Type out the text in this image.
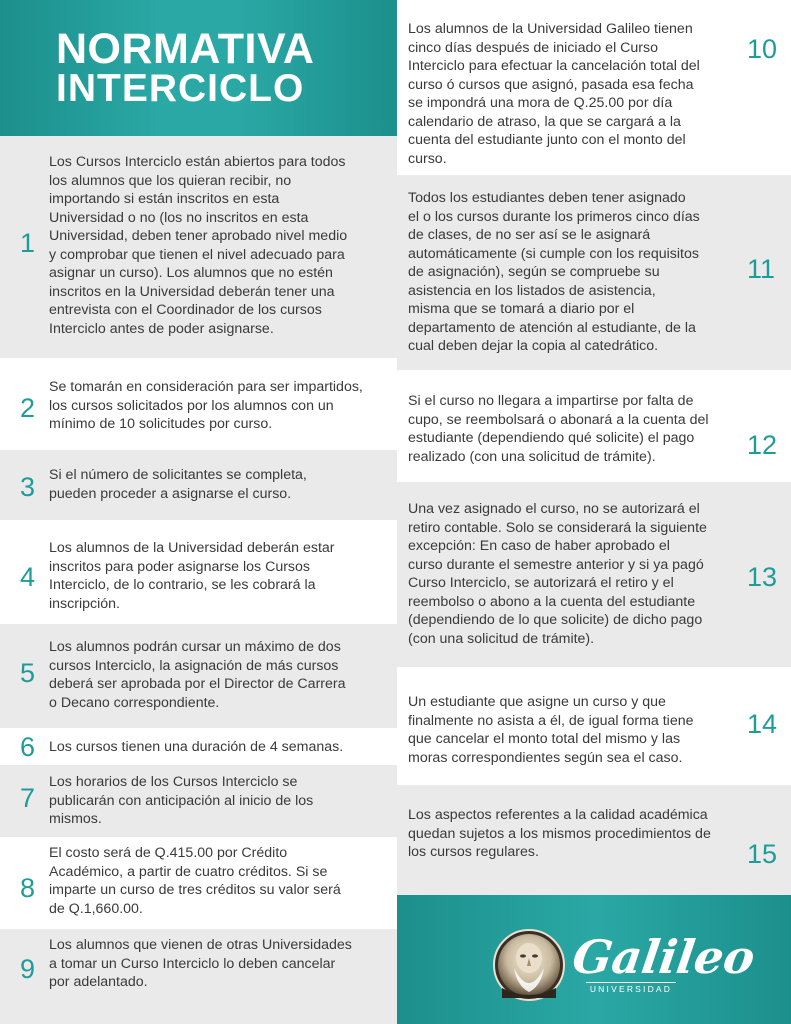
NORMATIVA
INTERCICLO
1
Los Cursos Interciclo están abiertos para todos
los alumnos que los quieran recibir, no
importando si están inscritos en esta
Universidad o no (los no inscritos en esta
Universidad, deben tener aprobado nivel medio
y comprobar que tienen el nivel adecuado para
asignar un curso). Los alumnos que no estén
inscritos en la Universidad deberán tener una
entrevista con el Coordinador de los cursos
Interciclo antes de poder asignarse.
2
Se tomarán en consideración para ser impartidos,
los cursos solicitados por los alumnos con un
mínimo de 10 solicitudes por curso.
3 Si el número de solicitantes se completa,
pueden proceder a asignarse el curso.
4
Los alumnos de la Universidad deberán estar
inscritos para poder asignarse los Cursos
Interciclo, de lo contrario, se les cobrará la
inscripción.
5
Los alumnos podrán cursar un máximo de dos
cursos Interciclo, la asignación de más cursos
deberá ser aprobada por el Director de Carrera
o Decano correspondiente.
6 Los cursos tienen una duración de 4 semanas.
7
Los horarios de los Cursos Interciclo se
publicarán con anticipación al inicio de los
mismos.
8
El costo será de Q.415.00 por Crédito
Académico, a partir de cuatro créditos. Si se
imparte un curso de tres créditos su valor será
de Q.1,660.00.
9
Los alumnos que vienen de otras Universidades
a tomar un Curso Interciclo lo deben cancelar
por adelantado.
Los alumnos de la Universidad Galileo tienen
cinco días después de iniciado el Curso
Interciclo para efectuar la cancelación total del
curso ó cursos que asignó, pasada esa fecha
se impondrá una mora de Q.25.00 por día
calendario de atraso, la que se cargará a la
cuenta del estudiante junto con el monto del
curso.
10
Todos los estudiantes deben tener asignado
el o los cursos durante los primeros cinco días
de clases, de no ser así se le asignará
automáticamente (si cumple con los requisitos
de asignación), según se compruebe su
asistencia en los listados de asistencia,
misma que se tomará a diario por el
departamento de atención al estudiante, de la
cual deben dejar la copia al catedrático.
11
Si el curso no llegara a impartirse por falta de
cupo, se reembolsará o abonará a la cuenta del
estudiante (dependiendo qué solicite) el pago
realizado (con una solicitud de trámite).	12
Una vez asignado el curso, no se autorizará el
retiro contable. Solo se considerará la siguiente
excepción: En caso de haber aprobado el
curso durante el semestre anterior y si ya pagó
Curso Interciclo, se autorizará el retiro y el
reembolso o abono a la cuenta del estudiante
(dependiendo de lo que solicite) de dicho pago
(con una solicitud de trámite).
13
Un estudiante que asigne un curso y que
finalmente no asista a él, de igual forma tiene
que cancelar el monto total del mismo y las
moras correspondientes según sea el caso.
14
Los aspectos referentes a la calidad académica
quedan sujetos a los mismos procedimientos de
los cursos regulares.	15
Galileo
UNIVERSIDAD
